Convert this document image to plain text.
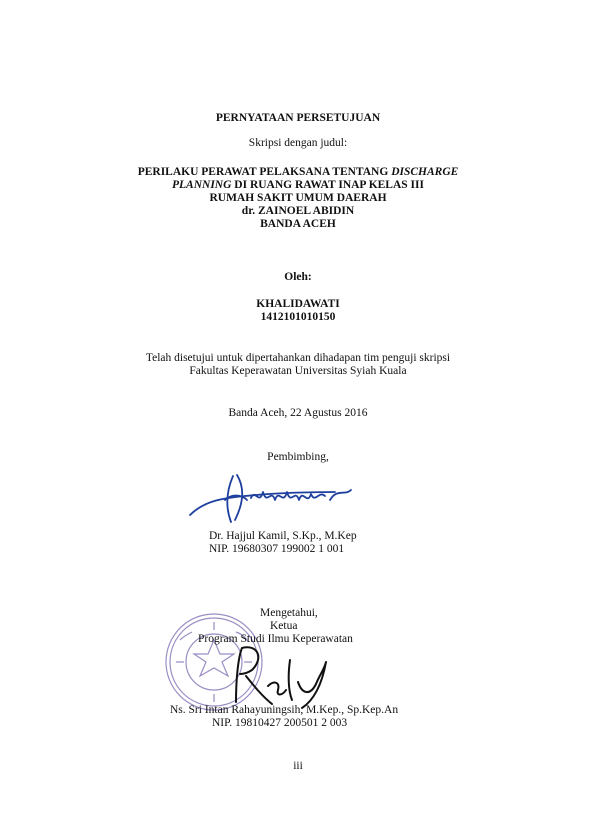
PERNYATAAN PERSETUJUAN
Skripsi dengan judul:
PERILAKU PERAWAT PELAKSANA TENTANG DISCHARGE
PLANNING DI RUANG RAWAT INAP KELAS III
RUMAH SAKIT UMUM DAERAH
dr. ZAINOEL ABIDIN
BANDA ACEH
Oleh:
KHALIDAWATI
1412101010150
Telah disetujui untuk dipertahankan dihadapan tim penguji skripsi
Fakultas Keperawatan Universitas Syiah Kuala
Banda Aceh, 22 Agustus 2016
Pembimbing,
Dr. Hajjul Kamil, S.Kp., M.Kep
NIP. 19680307 199002 1 001
Mengetahui,
Ketua
Program Studi Ilmu Keperawatan
Ns. Sri Intan Rahayuningsih, M.Kep., Sp.Kep.An
NIP. 19810427 200501 2 003
iii
